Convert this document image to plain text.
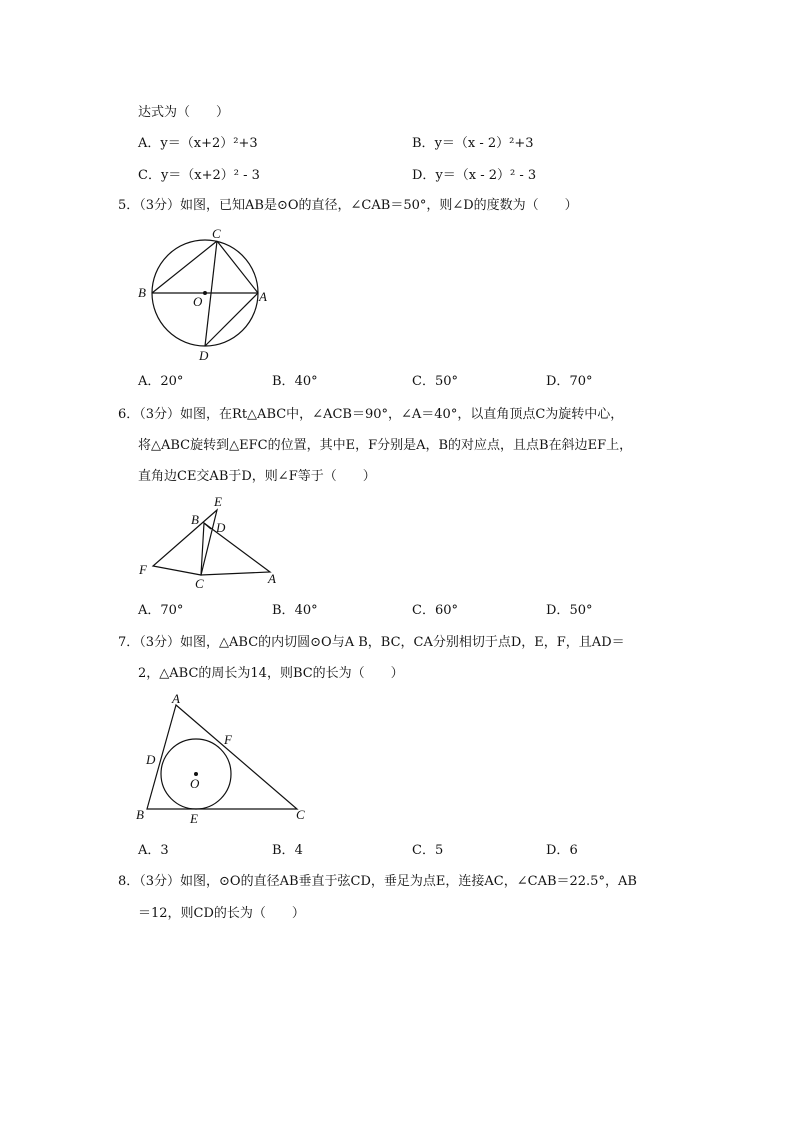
达式为（　　）
A．y＝（x+2）²+3	B．y＝（x - 2）²+3
C．y＝（x+2）² - 3	D．y＝（x - 2）² - 3
5．（3分）如图，已知AB是⊙O的直径，∠CAB＝50°，则∠D的度数为（　　）
C
B	A
O
D
A．20°	B．40°	C．50°	D．70°
6．（3分）如图，在Rt△ABC中，∠ACB＝90°，∠A＝40°，以直角顶点C为旋转中心，
将△ABC旋转到△EFC的位置，其中E，F分别是A，B的对应点，且点B在斜边EF上，
直角边CE交AB于D，则∠F等于（　　）
E
B
D
F
C	A
A．70°	B．40°	C．60°	D．50°
7．（3分）如图，△ABC的内切圆⊙O与A B，BC，CA分别相切于点D，E，F，且AD＝
2，△ABC的周长为14，则BC的长为（　　）
A
F
D
O
B	E	C
A．3	B．4	C．5	D．6
8．（3分）如图，⊙O的直径AB垂直于弦CD，垂足为点E，连接AC，∠CAB＝22.5°，AB
＝12，则CD的长为（　　）
